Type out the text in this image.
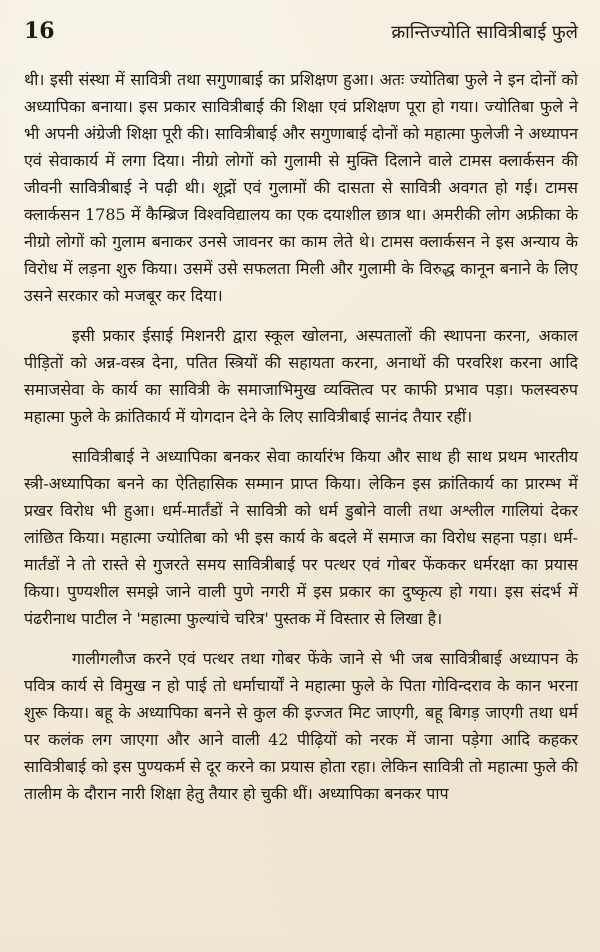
16	क्रान्तिज्योति सावित्रीबाई फुले

थी। इसी संस्था में सावित्री तथा सगुणाबाई का प्रशिक्षण हुआ। अतः ज्योतिबा फुले ने इन दोनों को अध्यापिका बनाया। इस प्रकार सावित्रीबाई की शिक्षा एवं प्रशिक्षण पूरा हो गया। ज्योतिबा फुले ने भी अपनी अंग्रेजी शिक्षा पूरी की। सावित्रीबाई और सगुणाबाई दोनों को महात्मा फुलेजी ने अध्यापन एवं सेवाकार्य में लगा दिया। नीग्रो लोगों को गुलामी से मुक्ति दिलाने वाले टामस क्लार्कसन की जीवनी सावित्रीबाई ने पढ़ी थी। शूद्रों एवं गुलामों की दासता से सावित्री अवगत हो गई। टामस क्लार्कसन 1785 में कैम्ब्रिज विश्वविद्यालय का एक दयाशील छात्र था। अमरीकी लोग अफ्रीका के नीग्रो लोगों को गुलाम बनाकर उनसे जावनर का काम लेते थे। टामस क्लार्कसन ने इस अन्याय के विरोध में लड़ना शुरु किया। उसमें उसे सफलता मिली और गुलामी के विरुद्ध कानून बनाने के लिए उसने सरकार को मजबूर कर दिया।

इसी प्रकार ईसाई मिशनरी द्वारा स्कूल खोलना, अस्पतालों की स्थापना करना, अकाल पीड़ितों को अन्न-वस्त्र देना, पतित स्त्रियों की सहायता करना, अनाथों की परवरिश करना आदि समाजसेवा के कार्य का सावित्री के समाजाभिमुख व्यक्तित्व पर काफी प्रभाव पड़ा। फलस्वरुप महात्मा फुले के क्रांतिकार्य में योगदान देने के लिए सावित्रीबाई सानंद तैयार रहीं।

सावित्रीबाई ने अध्यापिका बनकर सेवा कार्यारंभ किया और साथ ही साथ प्रथम भारतीय स्त्री-अध्यापिका बनने का ऐतिहासिक सम्मान प्राप्त किया। लेकिन इस क्रांतिकार्य का प्रारम्भ में प्रखर विरोध भी हुआ। धर्म-मार्तंडों ने सावित्री को धर्म डुबोने वाली तथा अश्लील गालियां देकर लांछित किया। महात्मा ज्योतिबा को भी इस कार्य के बदले में समाज का विरोध सहना पड़ा। धर्म-मार्तंडों ने तो रास्ते से गुजरते समय सावित्रीबाई पर पत्थर एवं गोबर फेंककर धर्मरक्षा का प्रयास किया। पुण्यशील समझे जाने वाली पुणे नगरी में इस प्रकार का दुष्कृत्य हो गया। इस संदर्भ में पंढरीनाथ पाटील ने 'महात्मा फुल्यांचे चरित्र' पुस्तक में विस्तार से लिखा है।

गालीगलौज करने एवं पत्थर तथा गोबर फेंके जाने से भी जब सावित्रीबाई अध्यापन के पवित्र कार्य से विमुख न हो पाई तो धर्माचार्यों ने महात्मा फुले के पिता गोविन्दराव के कान भरना शुरू किया। बहू के अध्यापिका बनने से कुल की इज्जत मिट जाएगी, बहू बिगड़ जाएगी तथा धर्म पर कलंक लग जाएगा और आने वाली 42 पीढ़ियों को नरक में जाना पड़ेगा आदि कहकर सावित्रीबाई को इस पुण्यकर्म से दूर करने का प्रयास होता रहा। लेकिन सावित्री तो महात्मा फुले की तालीम के दौरान नारी शिक्षा हेतु तैयार हो चुकी थीं। अध्यापिका बनकर पाप
